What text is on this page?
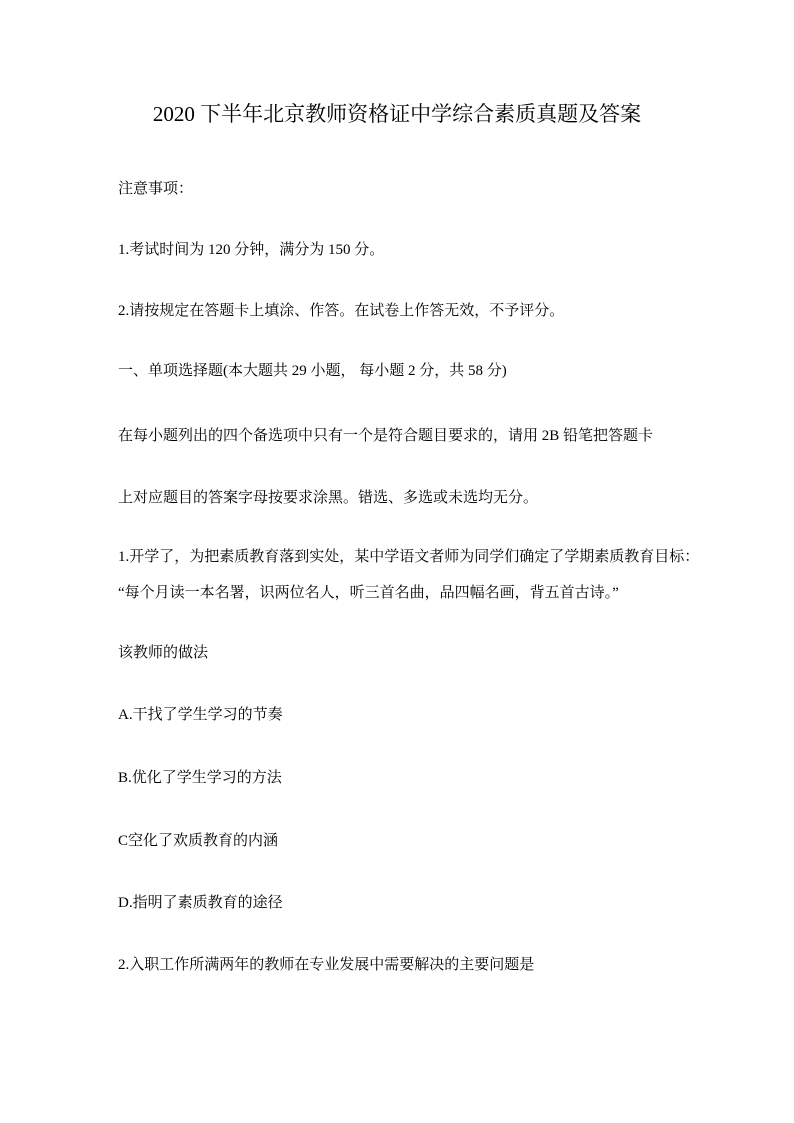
2020 下半年北京教师资格证中学综合素质真题及答案
注意事项：
1.考试时间为 120 分钟，满分为 150 分。
2.请按规定在答题卡上填涂、作答。在试卷上作答无效，不予评分。
一、单项选择题(本大题共 29 小题， 每小题 2 分，共 58 分)
在每小题列出的四个备选项中只有一个是符合题目要求的，请用 2B 铅笔把答题卡
上对应题目的答案字母按要求涂黑。错选、多选或未选均无分。
1.开学了，为把素质教育落到实处，某中学语文者师为同学们确定了学期素质教育目标：
“每个月读一本名署，识两位名人，听三首名曲，品四幅名画，背五首古诗。”
该教师的做法
A.干找了学生学习的节奏
B.优化了学生学习的方法
C空化了欢质教育的内涵
D.指明了素质教育的途径
2.入职工作所满两年的教师在专业发展中需要解决的主要问题是
